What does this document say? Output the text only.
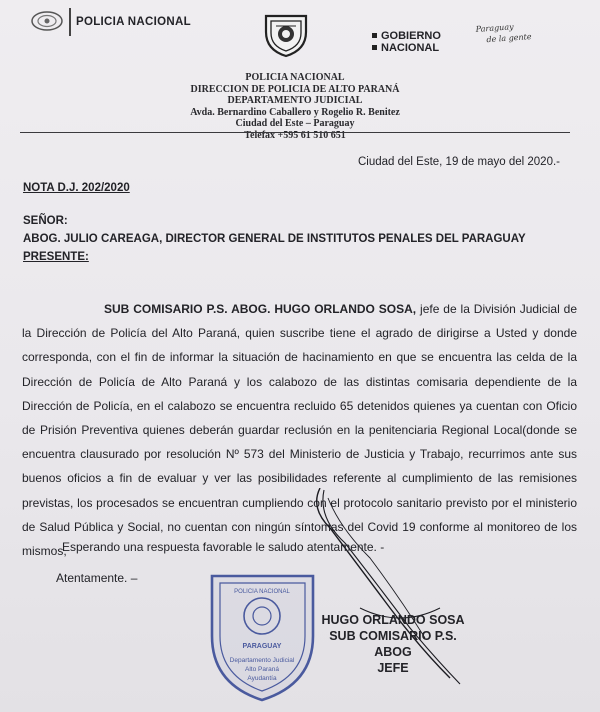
POLICIA NACIONAL
GOBIERNO
NACIONAL
Paraguay
de la gente
POLICIA NACIONAL
DIRECCION DE POLICIA DE ALTO PARANÁ
DEPARTAMENTO JUDICIAL
Avda. Bernardino Caballero y Rogelio R. Benitez
Ciudad del Este – Paraguay
Telefax +595 61 510 651
Ciudad del Este, 19 de mayo del 2020.-
NOTA D.J. 202/2020
SEÑOR:
ABOG. JULIO CAREAGA, DIRECTOR GENERAL DE INSTITUTOS PENALES DEL PARAGUAY
PRESENTE:
SUB COMISARIO P.S. ABOG. HUGO ORLANDO SOSA, jefe de la División Judicial de la Dirección de Policía del Alto Paraná, quien suscribe tiene el agrado de dirigirse a Usted y donde corresponda, con el fin de informar la situación de hacinamiento en que se encuentra las celda de la Dirección de Policía de Alto Paraná y los calabozo de las distintas comisaria dependiente de la Dirección de Policía, en el calabozo se encuentra recluido 65 detenidos quienes ya cuentan con Oficio de Prisión Preventiva quienes deberán guardar reclusión en la penitenciaria Regional Local(donde se encuentra clausurado por resolución Nº 573 del Ministerio de Justicia y Trabajo, recurrimos ante sus buenos oficios a fin de evaluar y ver las posibilidades referente al cumplimiento de las remisiones previstas, los procesados se encuentran cumpliendo con el protocolo sanitario previsto por el ministerio de Salud Pública y Social, no cuentan con ningún síntomas del Covid 19 conforme al monitoreo de los mismos,
Esperando una respuesta favorable le saludo atentamente. -
Atentamente. –
POLICIA NACIONAL
PARAGUAY
Departamento Judicial
Alto Paraná
Ayudantía
HUGO ORLANDO SOSA
SUB COMISARIO P.S. ABOG
JEFE
